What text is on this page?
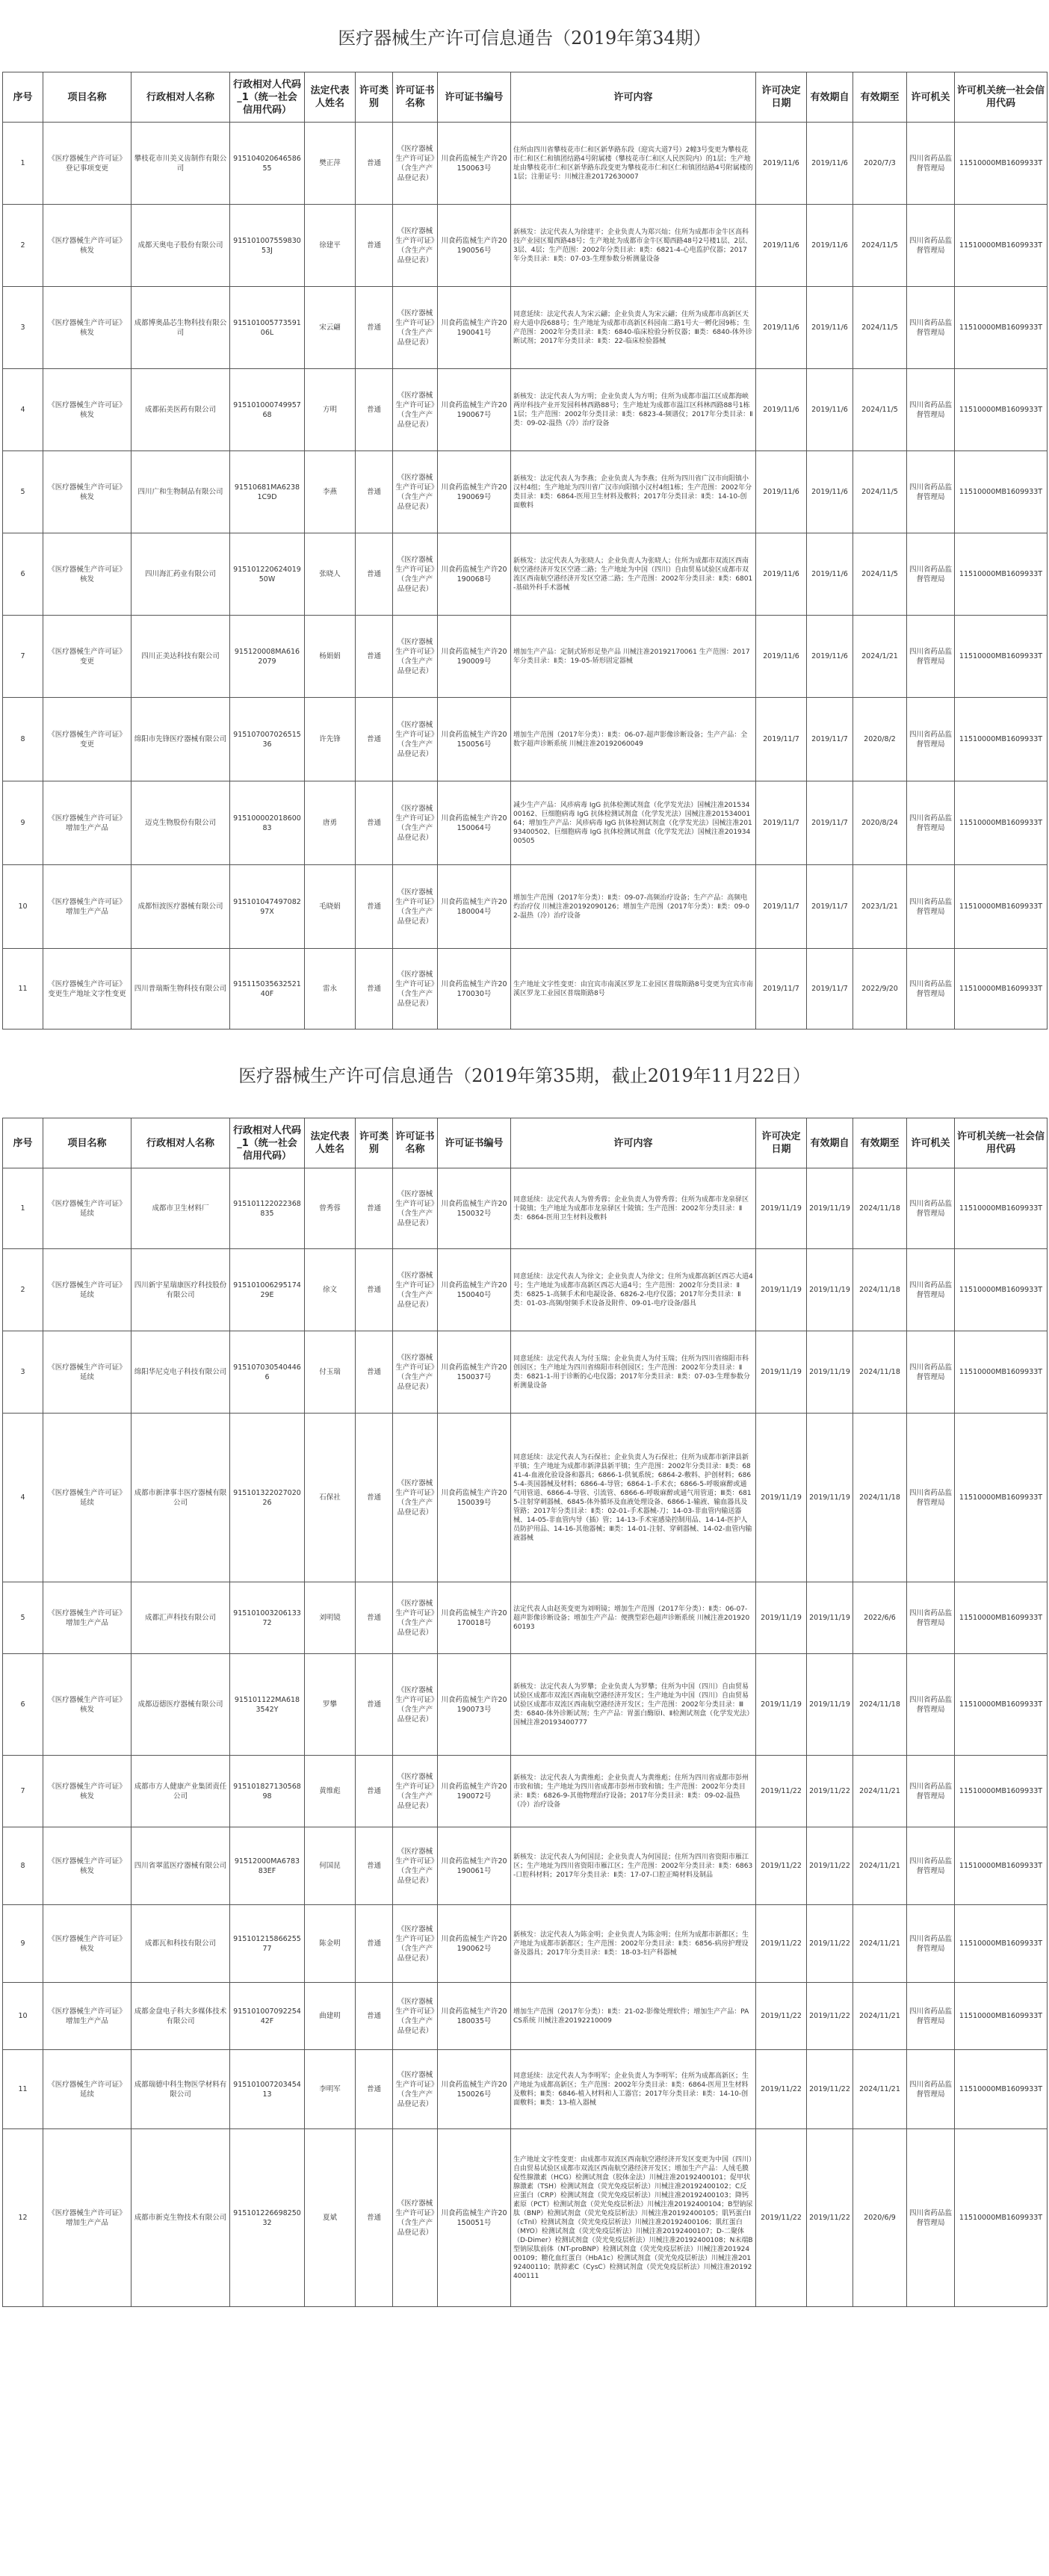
医疗器械生产许可信息通告（2019年第34期）
序号	项目名称	行政相对人名称	行政相对人代码_1（统一社会信用代码）	法定代表人姓名	许可类别	许可证书名称	许可证书编号	许可内容	许可决定日期	有效期自	有效期至	许可机关	许可机关统一社会信用代码
1	《医疗器械生产许可证》登记事项变更	攀枝花市川美义齿制作有限公司	91510402064658655	樊正萍	普通	《医疗器械生产许可证》（含生产产品登记表）	川食药监械生产许20150063号	住所由四川省攀枝花市仁和区新华路东段（迎宾大道7号）2幢3号变更为攀枝花市仁和区仁和镇团结路4号附属楼（攀枝花市仁和区人民医院内）的1层；生产地址由攀枝花市仁和区新华路东段变更为攀枝花市仁和区仁和镇团结路4号附属楼的1层；注册证号：川械注准20172630007	2019/11/6	2019/11/6	2020/7/3	四川省药品监督管理局	11510000MB1609933T
2	《医疗器械生产许可证》核发	成都天奥电子股份有限公司	91510100755983053J	徐建平	普通	《医疗器械生产许可证》（含生产产品登记表）	川食药监械生产许20190056号	新核发：法定代表人为徐建平；企业负责人为郑兴灿；住所为成都市金牛区高科技产业园区蜀西路48号；生产地址为成都市金牛区蜀西路48号2号楼1层、2层、3层、4层；生产范围：2002年分类目录：Ⅱ类：6821-4-心电监护仪器；2017年分类目录：Ⅱ类：07-03-生理参数分析测量设备	2019/11/6	2019/11/6	2024/11/5	四川省药品监督管理局	11510000MB1609933T
3	《医疗器械生产许可证》核发	成都博奥晶芯生物科技有限公司	91510100577359106L	宋云翩	普通	《医疗器械生产许可证》（含生产产品登记表）	川食药监械生产许20190041号	同意延续：法定代表人为宋云翩；企业负责人为宋云翩；住所为成都市高新区天府大道中段688号；生产地址为成都市高新区科园南二路1号大一孵化园9栋；生产范围：2002年分类目录：Ⅱ类：6840-临床检验分析仪器；Ⅲ类：6840-体外诊断试剂；2017年分类目录：Ⅱ类：22-临床检验器械	2019/11/6	2019/11/6	2024/11/5	四川省药品监督管理局	11510000MB1609933T
4	《医疗器械生产许可证》核发	成都拓美医药有限公司	91510100074995768	方明	普通	《医疗器械生产许可证》（含生产产品登记表）	川食药监械生产许20190067号	新核发：法定代表人为方明；企业负责人为方明；住所为成都市温江区成都海峡两岸科技产业开发园科林西路88号；生产地址为成都市温江区科林西路88号1栋1层；生产范围：2002年分类目录：Ⅱ类：6823-4-频谱仪；2017年分类目录：Ⅱ类：09-02-温热（冷）治疗设备	2019/11/6	2019/11/6	2024/11/5	四川省药品监督管理局	11510000MB1609933T
5	《医疗器械生产许可证》核发	四川广和生物制品有限公司	91510681MA62381C9D	李燕	普通	《医疗器械生产许可证》（含生产产品登记表）	川食药监械生产许20190069号	新核发：法定代表人为李燕；企业负责人为李燕；住所为四川省广汉市向阳镇小汉村4组；生产地址为四川省广汉市向阳镇小汉村4组1栋；生产范围：2002年分类目录：Ⅱ类：6864-医用卫生材料及敷料；2017年分类目录：Ⅱ类：14-10-创面敷料	2019/11/6	2019/11/6	2024/11/5	四川省药品监督管理局	11510000MB1609933T
6	《医疗器械生产许可证》核发	四川海汇药业有限公司	91510122062401950W	张晓人	普通	《医疗器械生产许可证》（含生产产品登记表）	川食药监械生产许20190068号	新核发：法定代表人为张晓人；企业负责人为张晓人；住所为成都市双流区西南航空港经济开发区空港二路；生产地址为中国（四川）自由贸易试验区成都市双流区西南航空港经济开发区空港二路；生产范围：2002年分类目录：Ⅱ类：6801-基础外科手术器械	2019/11/6	2019/11/6	2024/11/5	四川省药品监督管理局	11510000MB1609933T
7	《医疗器械生产许可证》变更	四川正美达科技有限公司	915120008MA6162079	杨娟娟	普通	《医疗器械生产许可证》（含生产产品登记表）	川食药监械生产许20190009号	增加生产产品：定制式矫形足垫产品 川械注准20192170061 生产范围：2017年分类目录：Ⅱ类：19-05-矫形固定器械	2019/11/6	2019/11/6	2024/1/21	四川省药品监督管理局	11510000MB1609933T
8	《医疗器械生产许可证》变更	绵阳市先锋医疗器械有限公司	91510700702651536	许先锋	普通	《医疗器械生产许可证》（含生产产品登记表）	川食药监械生产许20150056号	增加生产范围（2017年分类）：Ⅱ类：06-07-超声影像诊断设备；生产产品：全数字超声诊断系统 川械注准20192060049	2019/11/7	2019/11/7	2020/8/2	四川省药品监督管理局	11510000MB1609933T
9	《医疗器械生产许可证》增加生产产品	迈克生物股份有限公司	91510000201860083	唐勇	普通	《医疗器械生产许可证》（含生产产品登记表）	川食药监械生产许20150064号	减少生产产品：风疹病毒 IgG 抗体检测试剂盒（化学发光法）国械注准20153400162、巨细胞病毒 IgG 抗体检测试剂盒（化学发光法）国械注准20153400164；增加生产产品：风疹病毒 IgG 抗体检测试剂盒（化学发光法）国械注准20193400502、巨细胞病毒 IgG 抗体检测试剂盒（化学发光法）国械注准20193400505	2019/11/7	2019/11/7	2020/8/24	四川省药品监督管理局	11510000MB1609933T
10	《医疗器械生产许可证》增加生产产品	成都恒波医疗器械有限公司	91510104749708297X	毛晓娟	普通	《医疗器械生产许可证》（含生产产品登记表）	川食药监械生产许20180004号	增加生产范围（2017年分类）：Ⅱ类：09-07-高频治疗设备；生产产品：高频电灼治疗仪 川械注准20192090126；增加生产范围（2017年分类）：Ⅱ类：09-02-温热（冷）治疗设备	2019/11/7	2019/11/7	2023/1/21	四川省药品监督管理局	11510000MB1609933T
11	《医疗器械生产许可证》变更生产地址文字性变更	四川普瑞斯生物科技有限公司	91511503563252140F	雷永	普通	《医疗器械生产许可证》（含生产产品登记表）	川食药监械生产许20170030号	生产地址文字性变更：由宜宾市南溪区罗龙工业园区普瑞斯路8号变更为宜宾市南溪区罗龙工业园区普瑞斯路8号	2019/11/7	2019/11/7	2022/9/20	四川省药品监督管理局	11510000MB1609933T
医疗器械生产许可信息通告（2019年第35期，截止2019年11月22日）
序号	项目名称	行政相对人名称	行政相对人代码_1（统一社会信用代码）	法定代表人姓名	许可类别	许可证书名称	许可证书编号	许可内容	许可决定日期	有效期自	有效期至	许可机关	许可机关统一社会信用代码
1	《医疗器械生产许可证》延续	成都市卫生材料厂	915101122022368835	曾秀蓉	普通	《医疗器械生产许可证》（含生产产品登记表）	川食药监械生产许20150032号	同意延续：法定代表人为曾秀蓉；企业负责人为曾秀蓉；住所为成都市龙泉驿区十陵镇；生产地址为成都市龙泉驿区十陵镇；生产范围：2002年分类目录：Ⅱ类：6864-医用卫生材料及敷料	2019/11/19	2019/11/19	2024/11/18	四川省药品监督管理局	11510000MB1609933T
2	《医疗器械生产许可证》延续	四川新宇星瑞康医疗科技股份有限公司	91510100629517429E	徐文	普通	《医疗器械生产许可证》（含生产产品登记表）	川食药监械生产许20150040号	同意延续：法定代表人为徐文；企业负责人为徐文；住所为成都高新区西芯大道4号；生产地址为成都市高新区西芯大道4号；生产范围：2002年分类目录：Ⅱ类：6825-1-高频手术和电凝设备、6826-2-电疗仪器；2017年分类目录：Ⅱ类：01-03-高频/射频手术设备及附件、09-01-电疗设备/器具	2019/11/19	2019/11/19	2024/11/18	四川省药品监督管理局	11510000MB1609933T
3	《医疗器械生产许可证》延续	绵阳华尼克电子科技有限公司	9151070305404466	付玉瑞	普通	《医疗器械生产许可证》（含生产产品登记表）	川食药监械生产许20150037号	同意延续：法定代表人为付玉瑞；企业负责人为付玉瑞；住所为四川省绵阳市科创园区；生产地址为四川省绵阳市科创园区；生产范围：2002年分类目录：Ⅱ类：6821-1-用于诊断的心电仪器；2017年分类目录：Ⅱ类：07-03-生理参数分析测量设备	2019/11/19	2019/11/19	2024/11/18	四川省药品监督管理局	11510000MB1609933T
4	《医疗器械生产许可证》延续	成都市新津事丰医疗器械有限公司	91510132202702026	石保社	普通	《医疗器械生产许可证》（含生产产品登记表）	川食药监械生产许20150039号	同意延续：法定代表人为石保社；企业负责人为石保社；住所为成都市新津县新平镇；生产地址为成都市新津县新平镇；生产范围：2002年分类目录：Ⅱ类：6841-4-血液化验设备和器具；6866-1-供氧系统；6864-2-敷料、护创材料；6865-4-英国器械及材料；6866-4-导管；6864-1-手术衣；6866-5-呼吸麻醉或通气用管道、6866-4-导管、引流管、6866-6-呼吸麻醉或通气用管道；Ⅲ类：6815-注射穿刺器械、6845-体外循环及血液处理设备、6866-1-输液、输血器具及管路；2017年分类目录：Ⅱ类：02-01-手术器械-刀；14-03-非血管内输送器械、14-05-非血管内导（插）管；14-13-手术室感染控制用品、14-14-医护人员防护用品、14-16-其他器械；Ⅲ类：14-01-注射、穿刺器械、14-02-血管内输液器械	2019/11/19	2019/11/19	2024/11/18	四川省药品监督管理局	11510000MB1609933T
5	《医疗器械生产许可证》增加生产产品	成都汇声科技有限公司	91510100320613372	刘明镜	普通	《医疗器械生产许可证》（含生产产品登记表）	川食药监械生产许20170018号	法定代表人由赵英变更为刘明镜；增加生产范围（2017年分类）：Ⅱ类：06-07-超声影像诊断设备；增加生产产品：便携型彩色超声诊断系统 川械注准20192060193	2019/11/19	2019/11/19	2022/6/6	四川省药品监督管理局	11510000MB1609933T
6	《医疗器械生产许可证》核发	成都迈德医疗器械有限公司	915101122MA6183542Y	罗攀	普通	《医疗器械生产许可证》（含生产产品登记表）	川食药监械生产许20190073号	新核发：法定代表人为罗攀；企业负责人为罗攀；住所为中国（四川）自由贸易试验区成都市双流区西南航空港经济开发区；生产地址为中国（四川）自由贸易试验区成都市双流区西南航空港经济开发区；生产范围：2002年分类目录：Ⅲ类：6840-体外诊断试剂；生产产品：胃蛋白酶原Ⅰ、Ⅱ检测试剂盒（化学发光法）国械注准20193400777	2019/11/19	2019/11/19	2024/11/18	四川省药品监督管理局	11510000MB1609933T
7	《医疗器械生产许可证》核发	成都市方人健康产业集团责任公司	91510182713056898	黄维彪	普通	《医疗器械生产许可证》（含生产产品登记表）	川食药监械生产许20190072号	新核发：法定代表人为黄维彪；企业负责人为黄维彪；住所为四川省成都市彭州市致和镇；生产地址为四川省成都市彭州市致和镇；生产范围：2002年分类目录：Ⅱ类：6826-9-其他物理治疗设备；2017年分类目录：Ⅱ类：09-02-温热（冷）治疗设备	2019/11/22	2019/11/22	2024/11/21	四川省药品监督管理局	11510000MB1609933T
8	《医疗器械生产许可证》核发	四川省翠蓝医疗器械有限公司	91512000MA678383EF	何国昆	普通	《医疗器械生产许可证》（含生产产品登记表）	川食药监械生产许20190061号	新核发：法定代表人为何国昆；企业负责人为何国昆；住所为四川省资阳市雁江区；生产地址为四川省资阳市雁江区；生产范围：2002年分类目录：Ⅱ类：6863-口腔科材料；2017年分类目录：Ⅱ类：17-07-口腔正畸材料及制品	2019/11/22	2019/11/22	2024/11/21	四川省药品监督管理局	11510000MB1609933T
9	《医疗器械生产许可证》核发	成都瓦和科技有限公司	91510121586625577	陈金明	普通	《医疗器械生产许可证》（含生产产品登记表）	川食药监械生产许20190062号	新核发：法定代表人为陈金明；企业负责人为陈金明；住所为成都市新都区；生产地址为成都市新都区；生产范围：2002年分类目录：Ⅱ类：6856-病房护理设备及器具；2017年分类目录：Ⅱ类：18-03-妇产科器械	2019/11/22	2019/11/22	2024/11/21	四川省药品监督管理局	11510000MB1609933T
10	《医疗器械生产许可证》增加生产产品	成都金盘电子科大多媒体技术有限公司	91510100709225442F	曲建明	普通	《医疗器械生产许可证》（含生产产品登记表）	川食药监械生产许20180035号	增加生产范围（2017年分类）：Ⅱ类：21-02-影像处理软件；增加生产产品：PACS系统 川械注准20192210009	2019/11/22	2019/11/22	2024/11/21	四川省药品监督管理局	11510000MB1609933T
11	《医疗器械生产许可证》延续	成都瑞德中科生物医学材料有限公司	91510100720345413	李明军	普通	《医疗器械生产许可证》（含生产产品登记表）	川食药监械生产许20150026号	同意延续：法定代表人为李明军；企业负责人为李明军；住所为成都高新区；生产地址为成都高新区；生产范围：2002年分类目录：Ⅱ类：6864-医用卫生材料及敷料；Ⅲ类：6846-植入材料和人工器官；2017年分类目录：Ⅱ类：14-10-创面敷料；Ⅲ类：13-植入器械	2019/11/22	2019/11/22	2024/11/21	四川省药品监督管理局	11510000MB1609933T
12	《医疗器械生产许可证》增加生产产品	成都市新克生物技术有限公司	91510122669825032	夏斌	普通	《医疗器械生产许可证》（含生产产品登记表）	川食药监械生产许20150051号	生产地址文字性变更：由成都市双流区西南航空港经济开发区变更为中国（四川）自由贸易试验区成都市双流区西南航空港经济开发区；增加生产产品：人绒毛膜促性腺激素（HCG）检测试剂盒（胶体金法）川械注准20192400101；促甲状腺激素（TSH）检测试剂盒（荧光免疫层析法）川械注准20192400102；C反应蛋白（CRP）检测试剂盒（荧光免疫层析法）川械注准20192400103；降钙素原（PCT）检测试剂盒（荧光免疫层析法）川械注准20192400104；B型钠尿肽（BNP）检测试剂盒（荧光免疫层析法）川械注准20192400105；肌钙蛋白I（cTnI）检测试剂盒（荧光免疫层析法）川械注准20192400106；肌红蛋白（MYO）检测试剂盒（荧光免疫层析法）川械注准20192400107；D-二聚体（D-Dimer）检测试剂盒（荧光免疫层析法）川械注准20192400108；N末端B型钠尿肽前体（NT-proBNP）检测试剂盒（荧光免疫层析法）川械注准20192400109；糖化血红蛋白（HbA1c）检测试剂盒（荧光免疫层析法）川械注准20192400110；胱抑素C（CysC）检测试剂盒（荧光免疫层析法）川械注准20192400111	2019/11/22	2019/11/22	2020/6/9	四川省药品监督管理局	11510000MB1609933T
